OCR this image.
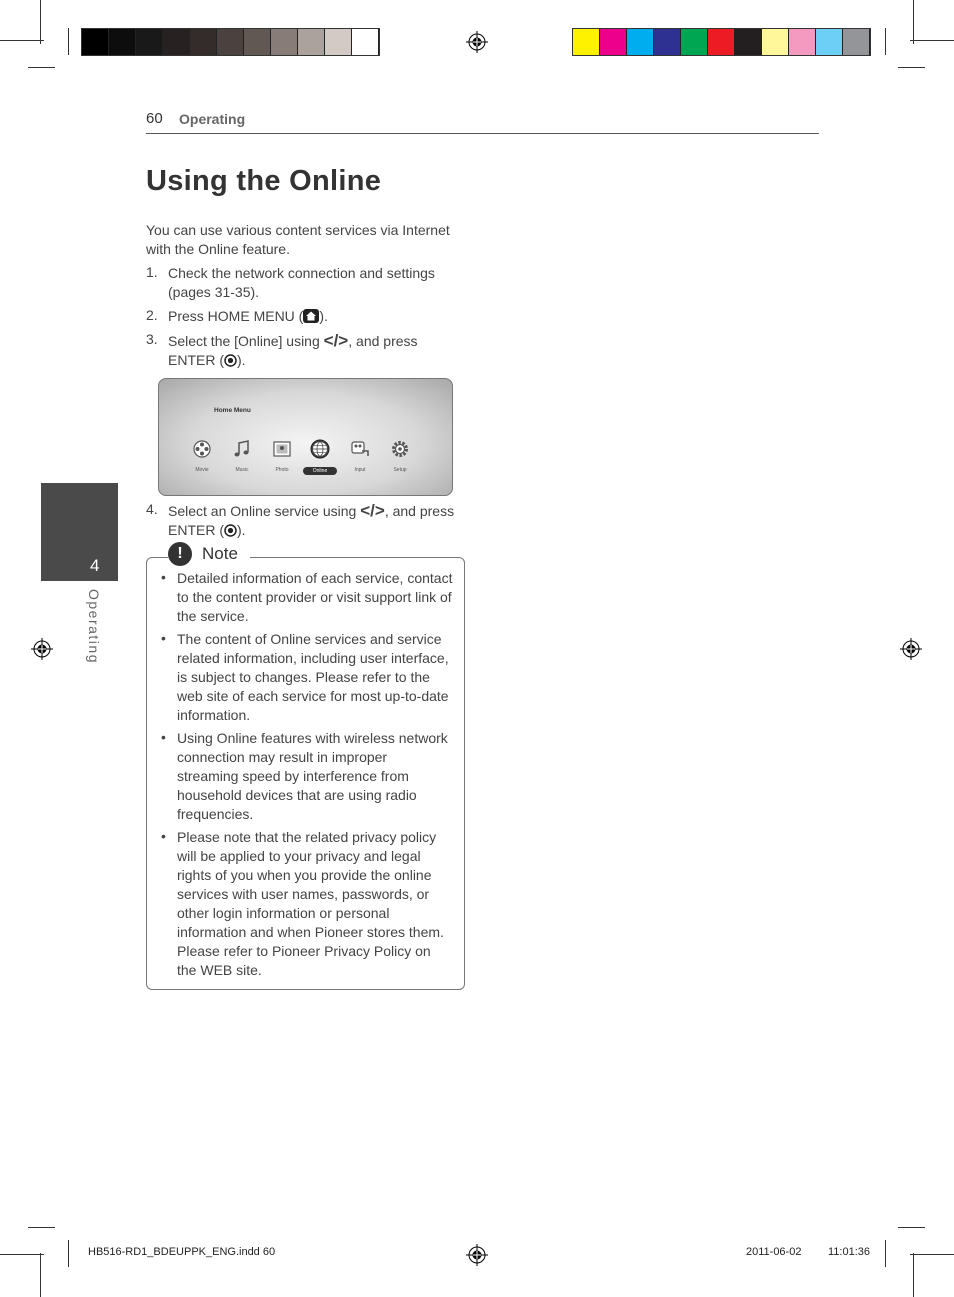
60 Operating
Using the Online
You can use various content services via Internet with the Online feature.
1. Check the network connection and settings (pages 31-35).
2. Press HOME MENU ( ).
3. Select the [Online] using </>, and press ENTER ( ).
Home Menu
Movie	Music	Photo	Online	Input	Setup
4. Select an Online service using </>, and press ENTER ( ).
4
Operating
!	Note
• Detailed information of each service, contact to the content provider or visit support link of the service.
• The content of Online services and service related information, including user interface, is subject to changes. Please refer to the web site of each service for most up-to-date information.
• Using Online features with wireless network connection may result in improper streaming speed by interference from household devices that are using radio frequencies.
• Please note that the related privacy policy will be applied to your privacy and legal rights of you when you provide the online services with user names, passwords, or other login information or personal information and when Pioneer stores them. Please refer to Pioneer Privacy Policy on the WEB site.
HB516-RD1_BDEUPPK_ENG.indd 60	2011-06-02 11:01:36
